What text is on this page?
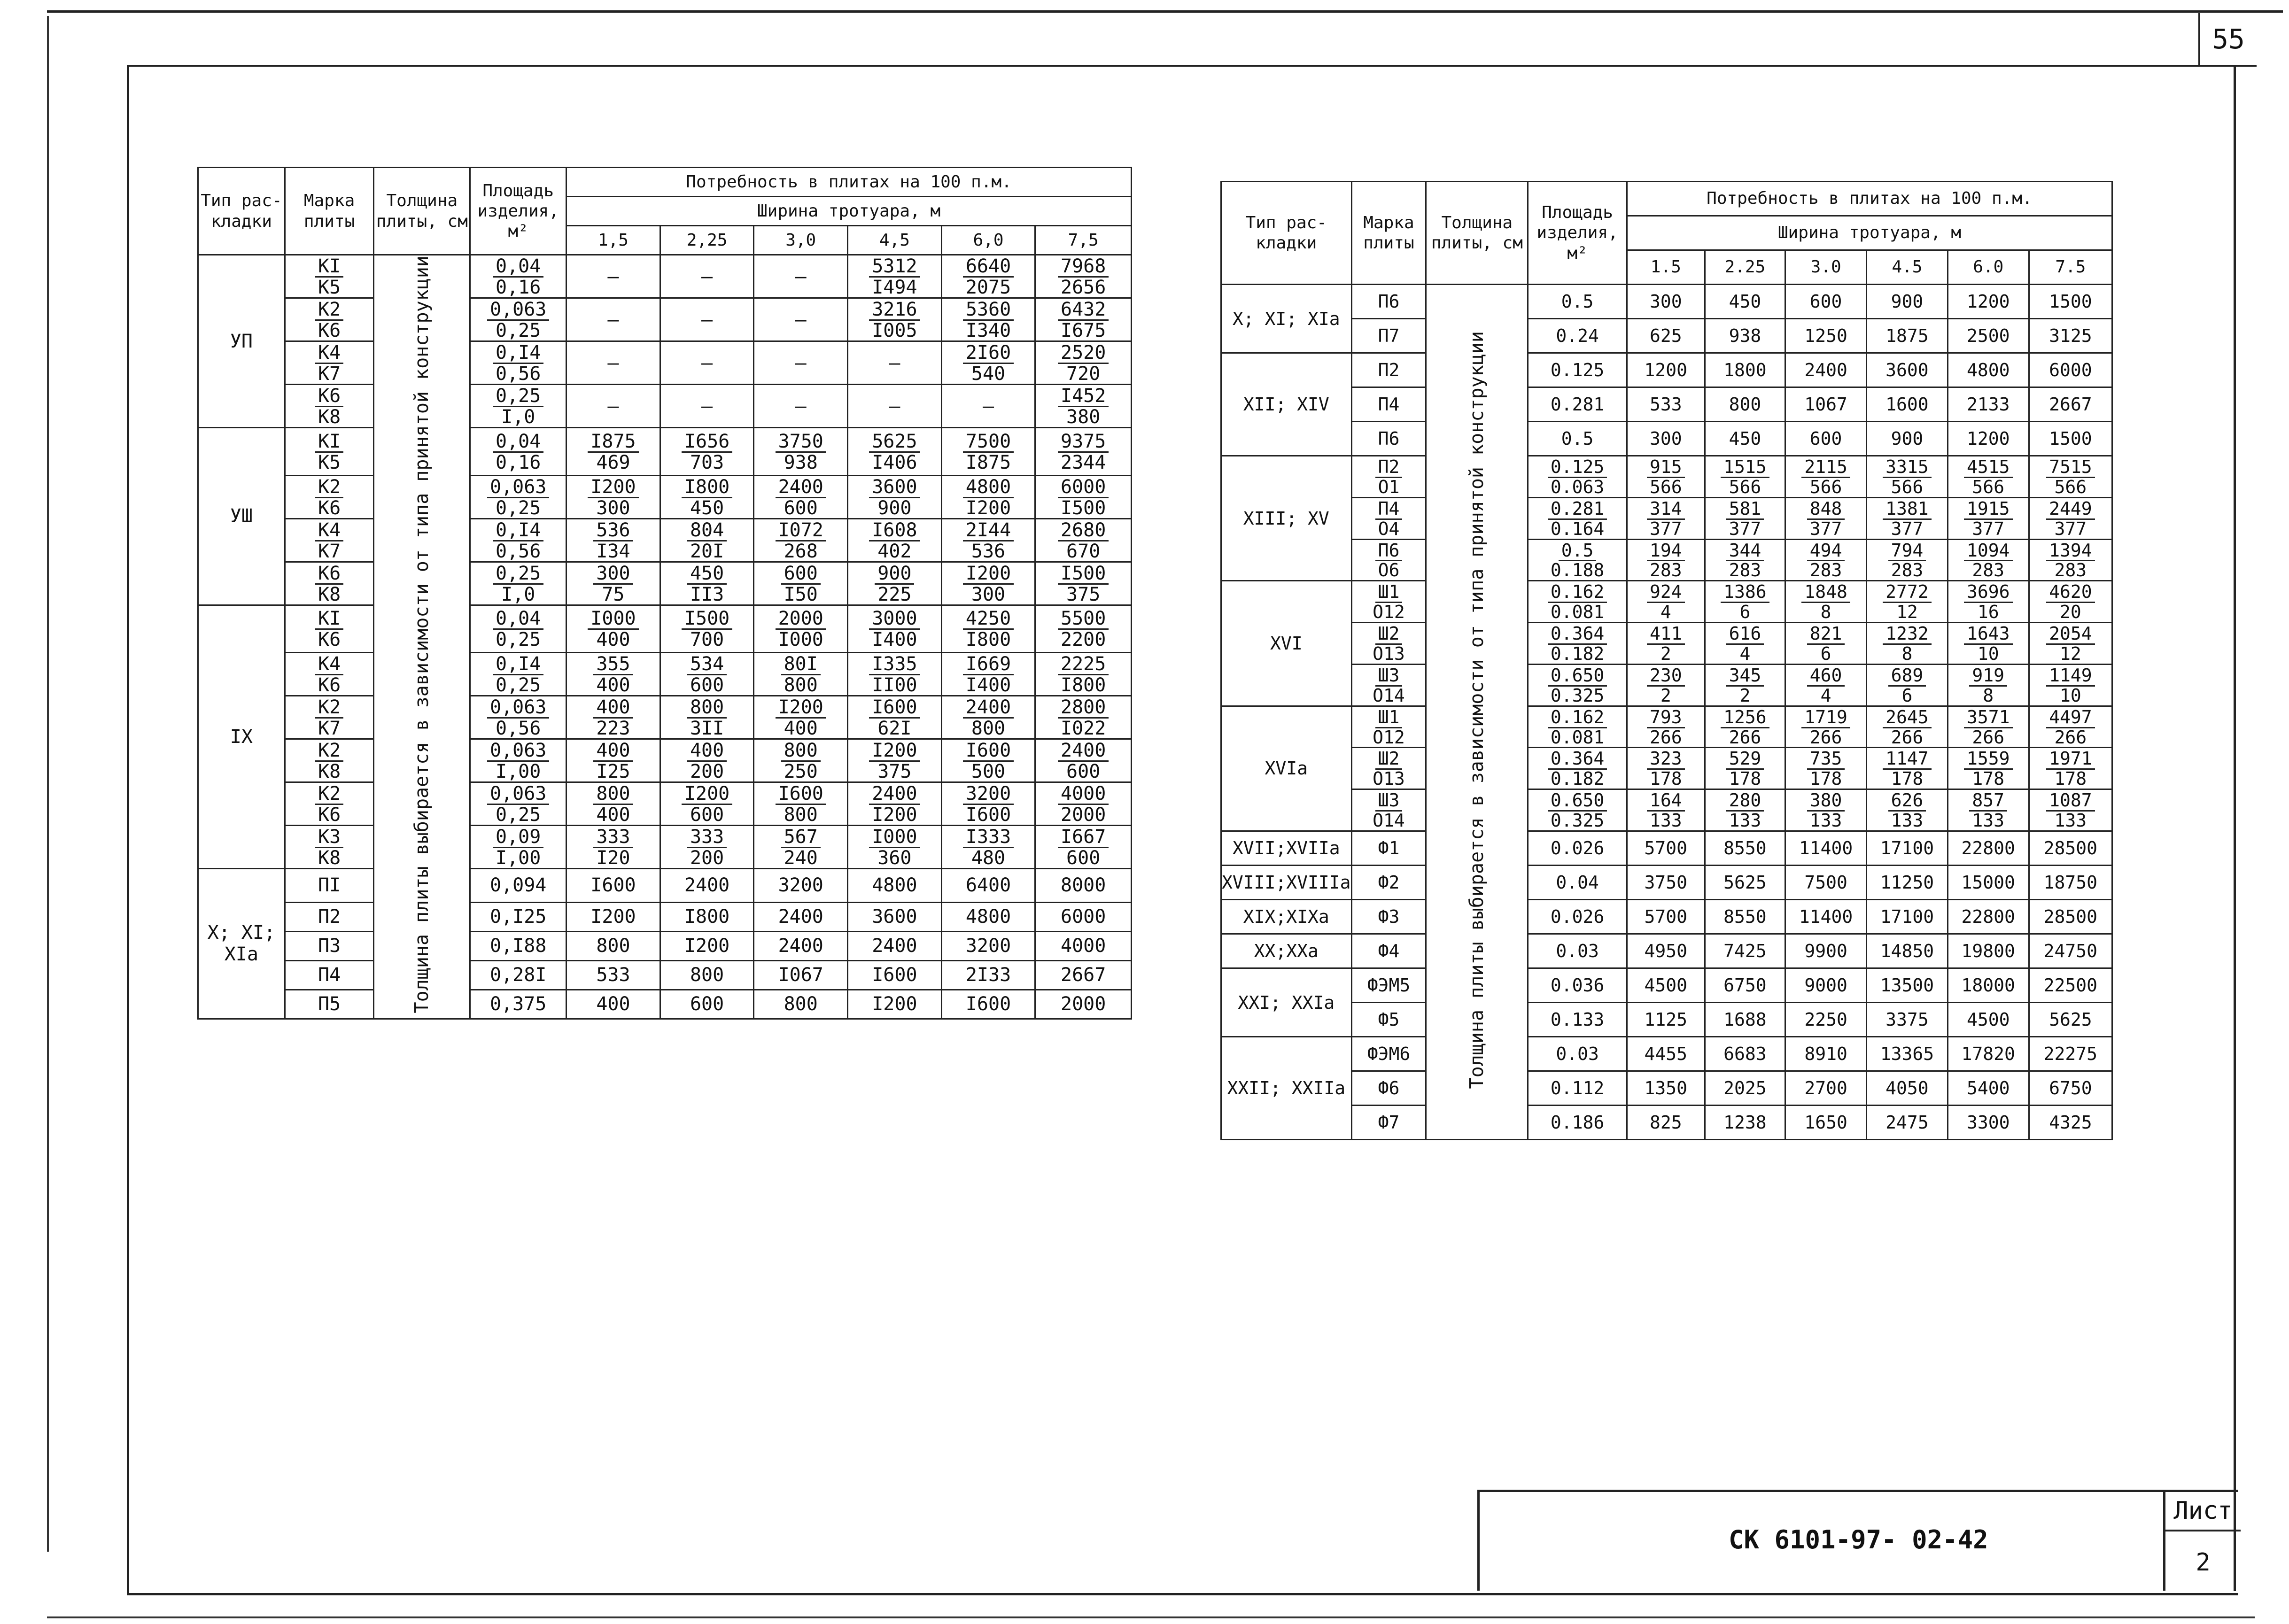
55
Тип рас- кладки	Марка плиты	Толщина плиты, см	Площадь изделия, м²	Потребность в плитах на 100 п.м.					
				Ширина тротуара, м					
				1,5	2,25	3,0	4,5	6,0	7,5
УП	$\frac{КI}{К5}$	Толщина плиты выбирается в зависимости от типа принятой конструкции	$\frac{0,04}{0,16}$	–	–	–	$\frac{5312}{I494}$	$\frac{6640}{2075}$	$\frac{7968}{2656}$

	$\frac{К2}{К6}$		$\frac{0,063}{0,25}$	–	–	–	$\frac{3216}{I005}$	$\frac{5360}{I340}$	$\frac{6432}{I675}$

	$\frac{К4}{К7}$		$\frac{0,I4}{0,56}$	–	–	–	–	$\frac{2I60}{540}$	$\frac{2520}{720}$

	$\frac{К6}{К8}$		$\frac{0,25}{I,0}$	–	–	–	–	–	$\frac{I452}{380}$

УШ	$\frac{КI}{К5}$		$\frac{0,04}{0,16}$	$\frac{I875}{469}$	$\frac{I656}{703}$	$\frac{3750}{938}$	$\frac{5625}{I406}$	$\frac{7500}{I875}$	$\frac{9375}{2344}$

	$\frac{К2}{К6}$		$\frac{0,063}{0,25}$	$\frac{I200}{300}$	$\frac{I800}{450}$	$\frac{2400}{600}$	$\frac{3600}{900}$	$\frac{4800}{I200}$	$\frac{6000}{I500}$

	$\frac{К4}{К7}$		$\frac{0,I4}{0,56}$	$\frac{536}{I34}$	$\frac{804}{20I}$	$\frac{I072}{268}$	$\frac{I608}{402}$	$\frac{2I44}{536}$	$\frac{2680}{670}$

	$\frac{К6}{К8}$		$\frac{0,25}{I,0}$	$\frac{300}{75}$	$\frac{450}{II3}$	$\frac{600}{I50}$	$\frac{900}{225}$	$\frac{I200}{300}$	$\frac{I500}{375}$

IX	$\frac{КI}{К6}$		$\frac{0,04}{0,25}$	$\frac{I000}{400}$	$\frac{I500}{700}$	$\frac{2000}{I000}$	$\frac{3000}{I400}$	$\frac{4250}{I800}$	$\frac{5500}{2200}$

	$\frac{К4}{К6}$		$\frac{0,I4}{0,25}$	$\frac{355}{400}$	$\frac{534}{600}$	$\frac{80I}{800}$	$\frac{I335}{II00}$	$\frac{I669}{I400}$	$\frac{2225}{I800}$

	$\frac{К2}{К7}$		$\frac{0,063}{0,56}$	$\frac{400}{223}$	$\frac{800}{3II}$	$\frac{I200}{400}$	$\frac{I600}{62I}$	$\frac{2400}{800}$	$\frac{2800}{I022}$

	$\frac{К2}{К8}$		$\frac{0,063}{I,00}$	$\frac{400}{I25}$	$\frac{400}{200}$	$\frac{800}{250}$	$\frac{I200}{375}$	$\frac{I600}{500}$	$\frac{2400}{600}$

	$\frac{К2}{К6}$		$\frac{0,063}{0,25}$	$\frac{800}{400}$	$\frac{I200}{600}$	$\frac{I600}{800}$	$\frac{2400}{I200}$	$\frac{3200}{I600}$	$\frac{4000}{2000}$

	$\frac{К3}{К8}$		$\frac{0,09}{I,00}$	$\frac{333}{I20}$	$\frac{333}{200}$	$\frac{567}{240}$	$\frac{I000}{360}$	$\frac{I333}{480}$	$\frac{I667}{600}$

Х; XI; XIа	ПI		0,094	I600	2400	3200	4800	6400	8000
	П2		0,I25	I200	I800	2400	3600	4800	6000
	П3		0,I88	800	I200	2400	2400	3200	4000
	П4		0,28I	533	800	I067	I600	2I33	2667
	П5		0,375	400	600	800	I200	I600	2000
Тип рас- кладки	Марка плиты	Толщина плиты, см	Площадь изделия, м²	Потребность в плитах на 100 п.м.					
				Ширина тротуара, м					
				1.5	2.25	3.0	4.5	6.0	7.5
X; XI; XIa	П6	Толщина плиты выбирается в зависимости от типа принятой конструкции	0.5	300	450	600	900	1200	1500
	П7		0.24	625	938	1250	1875	2500	3125
XII; XIV	П2		0.125	1200	1800	2400	3600	4800	6000
	П4		0.281	533	800	1067	1600	2133	2667
	П6		0.5	300	450	600	900	1200	1500
XIII; XV	$\frac{П2}{О1}$		$\frac{0.125}{0.063}$	$\frac{915}{566}$	$\frac{1515}{566}$	$\frac{2115}{566}$	$\frac{3315}{566}$	$\frac{4515}{566}$	$\frac{7515}{566}$

	$\frac{П4}{О4}$		$\frac{0.281}{0.164}$	$\frac{314}{377}$	$\frac{581}{377}$	$\frac{848}{377}$	$\frac{1381}{377}$	$\frac{1915}{377}$	$\frac{2449}{377}$

	$\frac{П6}{О6}$		$\frac{0.5}{0.188}$	$\frac{194}{283}$	$\frac{344}{283}$	$\frac{494}{283}$	$\frac{794}{283}$	$\frac{1094}{283}$	$\frac{1394}{283}$

XVI	$\frac{Ш1}{О12}$		$\frac{0.162}{0.081}$	$\frac{924}{4}$	$\frac{1386}{6}$	$\frac{1848}{8}$	$\frac{2772}{12}$	$\frac{3696}{16}$	$\frac{4620}{20}$

	$\frac{Ш2}{О13}$		$\frac{0.364}{0.182}$	$\frac{411}{2}$	$\frac{616}{4}$	$\frac{821}{6}$	$\frac{1232}{8}$	$\frac{1643}{10}$	$\frac{2054}{12}$

	$\frac{Ш3}{О14}$		$\frac{0.650}{0.325}$	$\frac{230}{2}$	$\frac{345}{2}$	$\frac{460}{4}$	$\frac{689}{6}$	$\frac{919}{8}$	$\frac{1149}{10}$

XVIa	$\frac{Ш1}{О12}$		$\frac{0.162}{0.081}$	$\frac{793}{266}$	$\frac{1256}{266}$	$\frac{1719}{266}$	$\frac{2645}{266}$	$\frac{3571}{266}$	$\frac{4497}{266}$

	$\frac{Ш2}{О13}$		$\frac{0.364}{0.182}$	$\frac{323}{178}$	$\frac{529}{178}$	$\frac{735}{178}$	$\frac{1147}{178}$	$\frac{1559}{178}$	$\frac{1971}{178}$

	$\frac{Ш3}{О14}$		$\frac{0.650}{0.325}$	$\frac{164}{133}$	$\frac{280}{133}$	$\frac{380}{133}$	$\frac{626}{133}$	$\frac{857}{133}$	$\frac{1087}{133}$

XVII;XVIIa	Ф1		0.026	5700	8550	11400	17100	22800	28500
XVIII;XVIIIa	Ф2		0.04	3750	5625	7500	11250	15000	18750
XIX;XIXa	Ф3		0.026	5700	8550	11400	17100	22800	28500
XX;XXa	Ф4		0.03	4950	7425	9900	14850	19800	24750
XXI; XXIa	ФЭМ5		0.036	4500	6750	9000	13500	18000	22500
	Ф5		0.133	1125	1688	2250	3375	4500	5625
XXII; XXIIa	ФЭМ6		0.03	4455	6683	8910	13365	17820	22275
	Ф6		0.112	1350	2025	2700	4050	5400	6750
	Ф7		0.186	825	1238	1650	2475	3300	4325
СК 6101-97- 02-42
Лист
2
